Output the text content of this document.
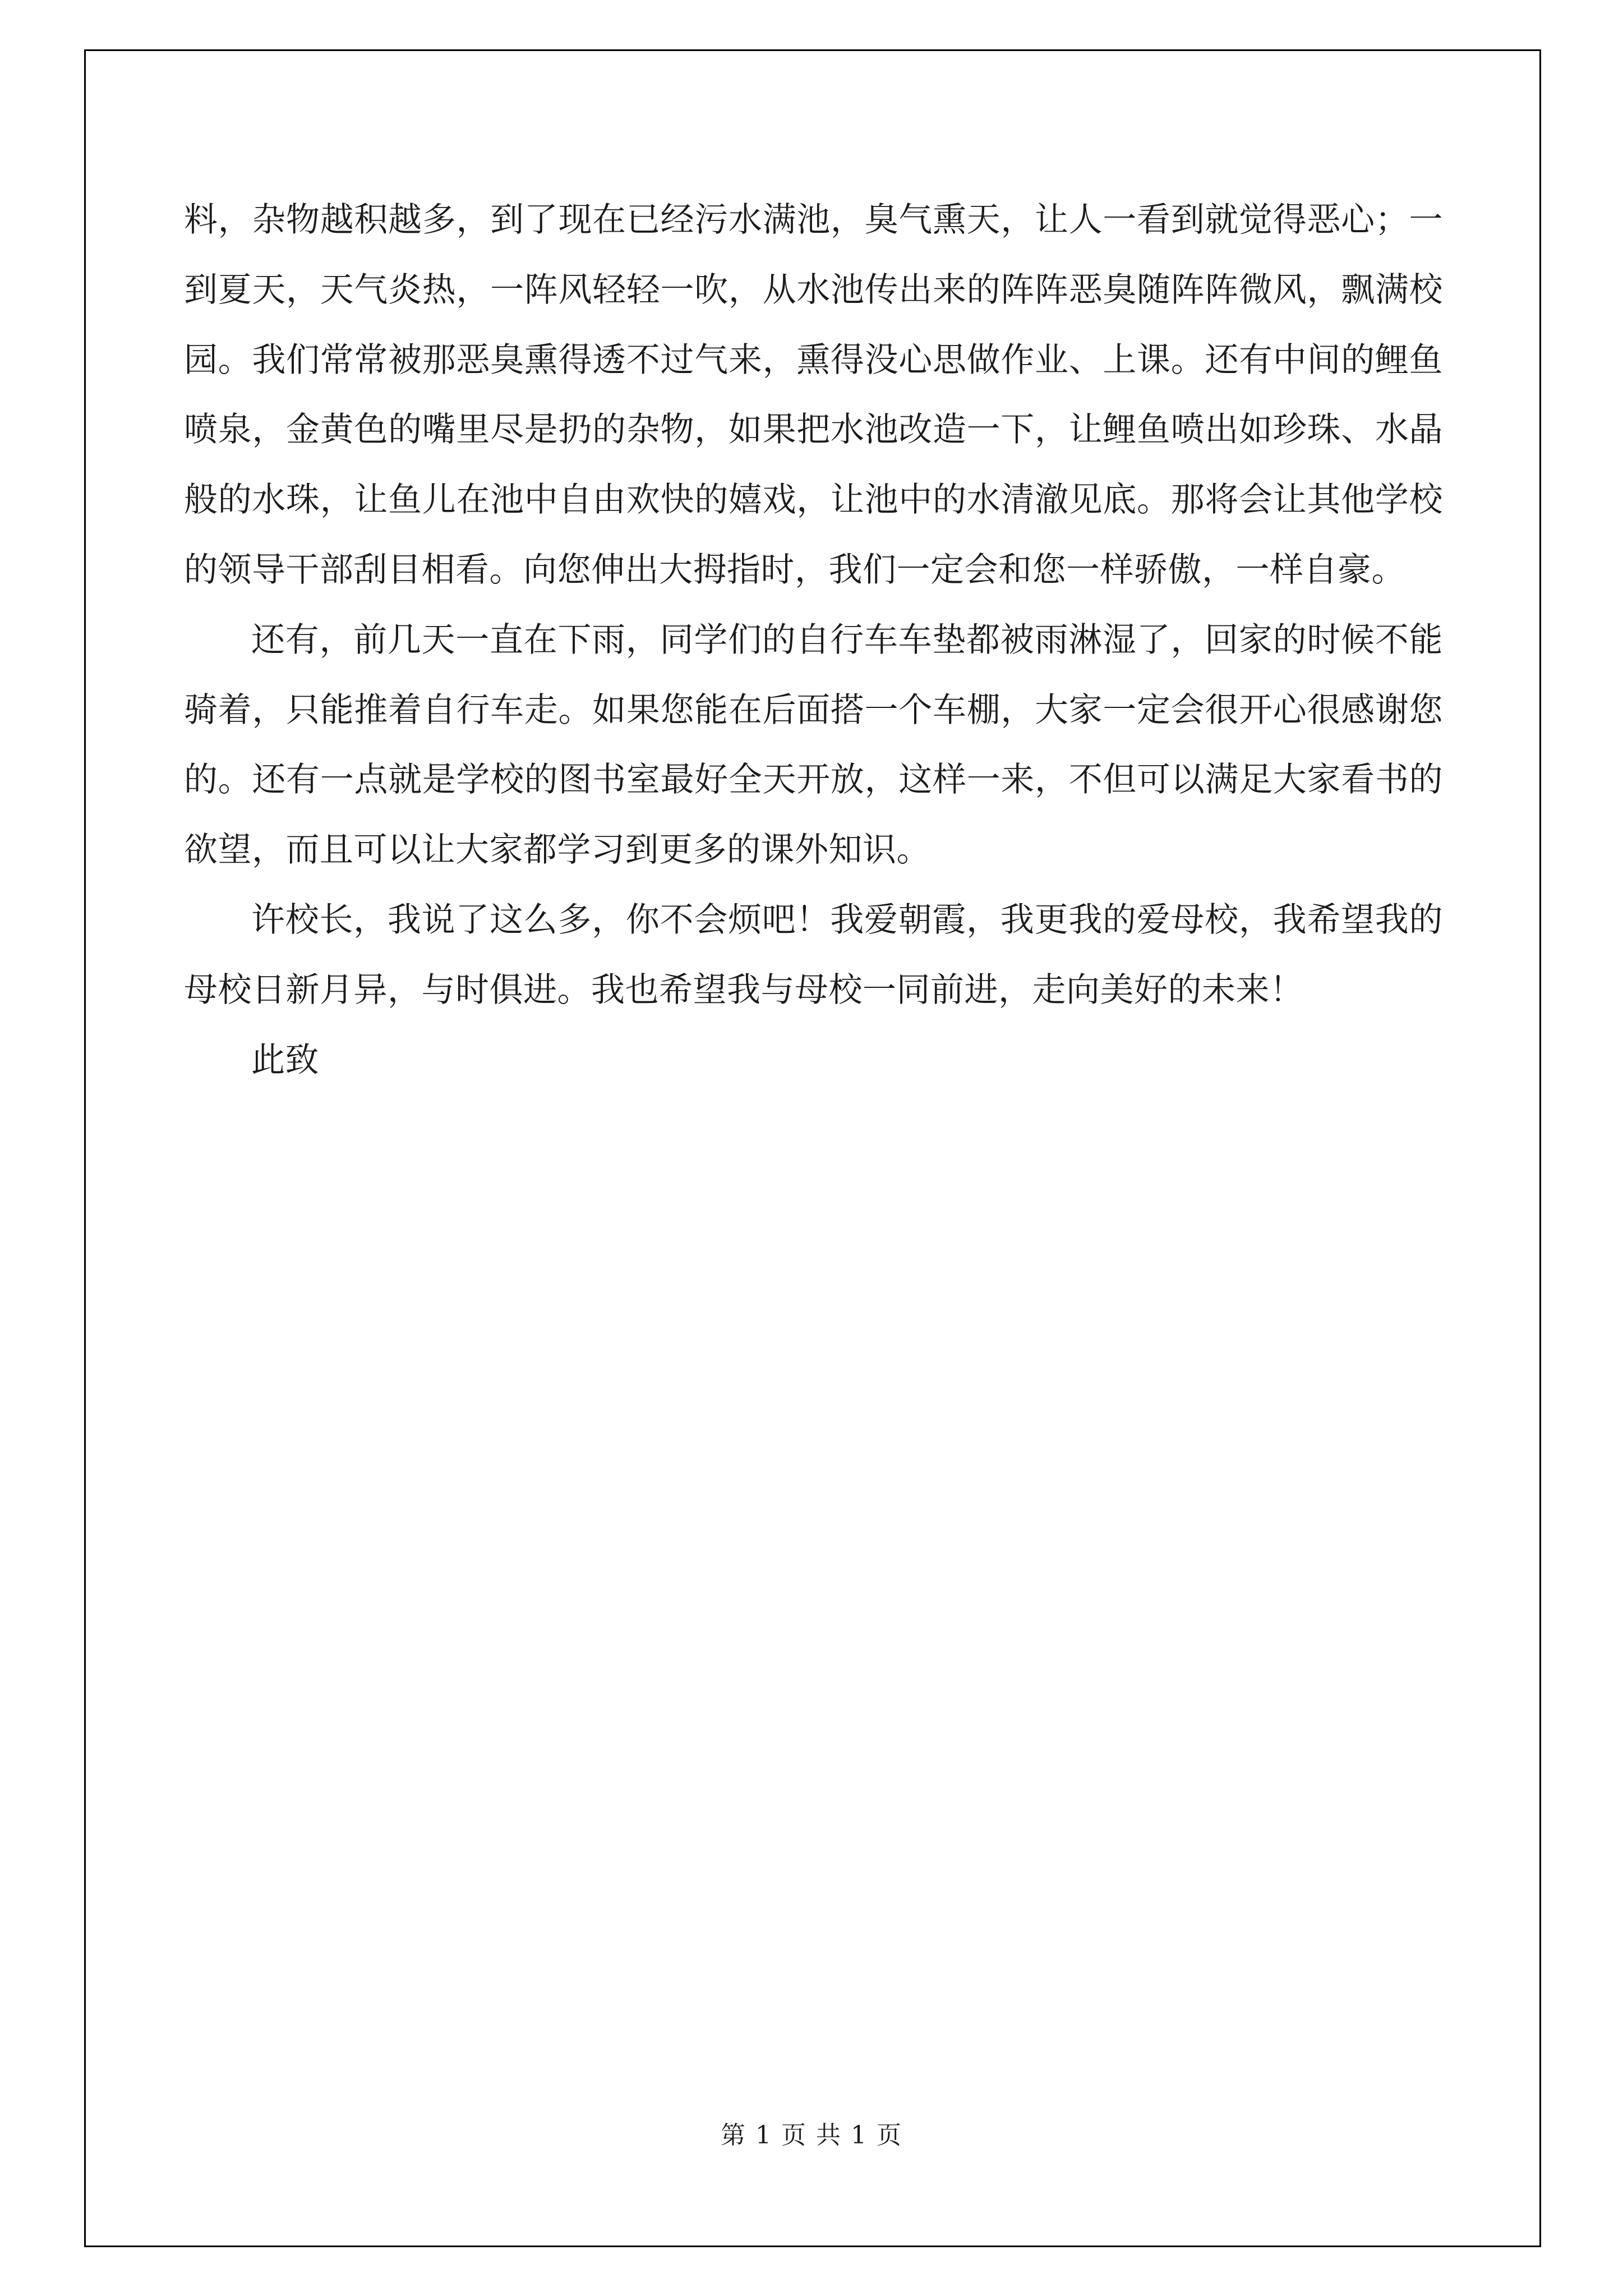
料，杂物越积越多，到了现在已经污水满池，臭气熏天，让人一看到就觉得恶心；一到夏天，天气炎热，一阵风轻轻一吹，从水池传出来的阵阵恶臭随阵阵微风，飘满校园。我们常常被那恶臭熏得透不过气来，熏得没心思做作业、上课。还有中间的鲤鱼喷泉，金黄色的嘴里尽是扔的杂物，如果把水池改造一下，让鲤鱼喷出如珍珠、水晶般的水珠，让鱼儿在池中自由欢快的嬉戏，让池中的水清澈见底。那将会让其他学校的领导干部刮目相看。向您伸出大拇指时，我们一定会和您一样骄傲，一样自豪。

还有，前几天一直在下雨，同学们的自行车车垫都被雨淋湿了，回家的时候不能骑着，只能推着自行车走。如果您能在后面搭一个车棚，大家一定会很开心很感谢您的。还有一点就是学校的图书室最好全天开放，这样一来，不但可以满足大家看书的欲望，而且可以让大家都学习到更多的课外知识。

许校长，我说了这么多，你不会烦吧！我爱朝霞，我更我的爱母校，我希望我的母校日新月异，与时俱进。我也希望我与母校一同前进，走向美好的未来！

此致

第 1 页 共 1 页
